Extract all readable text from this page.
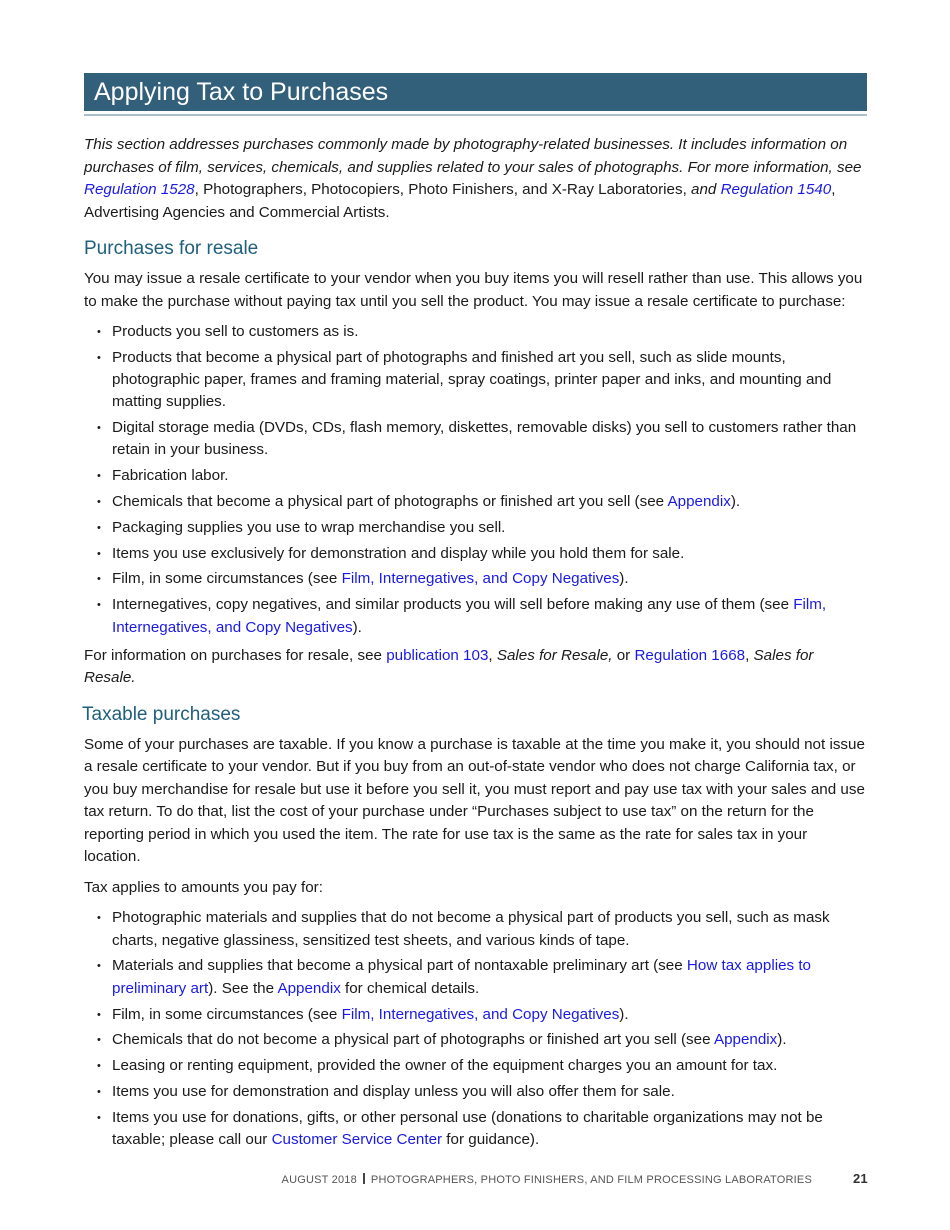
Applying Tax to Purchases
This section addresses purchases commonly made by photography-related businesses. It includes information on purchases of film, services, chemicals, and supplies related to your sales of photographs. For more information, see Regulation 1528, Photographers, Photocopiers, Photo Finishers, and X-Ray Laboratories, and Regulation 1540,
Advertising Agencies and Commercial Artists.
Purchases for resale

You may issue a resale certificate to your vendor when you buy items you will resell rather than use. This allows you to make the purchase without paying tax until you sell the product. You may issue a resale certificate to purchase:

• Products you sell to customers as is.
• Products that become a physical part of photographs and finished art you sell, such as slide mounts, photographic paper, frames and framing material, spray coatings, printer paper and inks, and mounting and matting supplies.
• Digital storage media (DVDs, CDs, flash memory, diskettes, removable disks) you sell to customers rather than retain in your business.
• Fabrication labor.
• Chemicals that become a physical part of photographs or finished art you sell (see Appendix).
• Packaging supplies you use to wrap merchandise you sell.
• Items you use exclusively for demonstration and display while you hold them for sale.
• Film, in some circumstances (see Film, Internegatives, and Copy Negatives).
• Internegatives, copy negatives, and similar products you will sell before making any use of them (see Film, Internegatives, and Copy Negatives).

For information on purchases for resale, see publication 103, Sales for Resale, or Regulation 1668, Sales for Resale.

Taxable purchases

Some of your purchases are taxable. If you know a purchase is taxable at the time you make it, you should not issue a resale certificate to your vendor. But if you buy from an out-of-state vendor who does not charge California tax, or you buy merchandise for resale but use it before you sell it, you must report and pay use tax with your sales and use tax return. To do that, list the cost of your purchase under “Purchases subject to use tax” on the return for the reporting period in which you used the item. The rate for use tax is the same as the rate for sales tax in your location.

Tax applies to amounts you pay for:

• Photographic materials and supplies that do not become a physical part of products you sell, such as mask charts, negative glassiness, sensitized test sheets, and various kinds of tape.
• Materials and supplies that become a physical part of nontaxable preliminary art (see How tax applies to preliminary art). See the Appendix for chemical details.
• Film, in some circumstances (see Film, Internegatives, and Copy Negatives).
• Chemicals that do not become a physical part of photographs or finished art you sell (see Appendix).
• Leasing or renting equipment, provided the owner of the equipment charges you an amount for tax.
• Items you use for demonstration and display unless you will also offer them for sale.
• Items you use for donations, gifts, or other personal use (donations to charitable organizations may not be taxable; please call our Customer Service Center for guidance).
AUGUST 2018 PHOTOGRAPHERS, PHOTO FINISHERS, AND FILM PROCESSING LABORATORIES	21
